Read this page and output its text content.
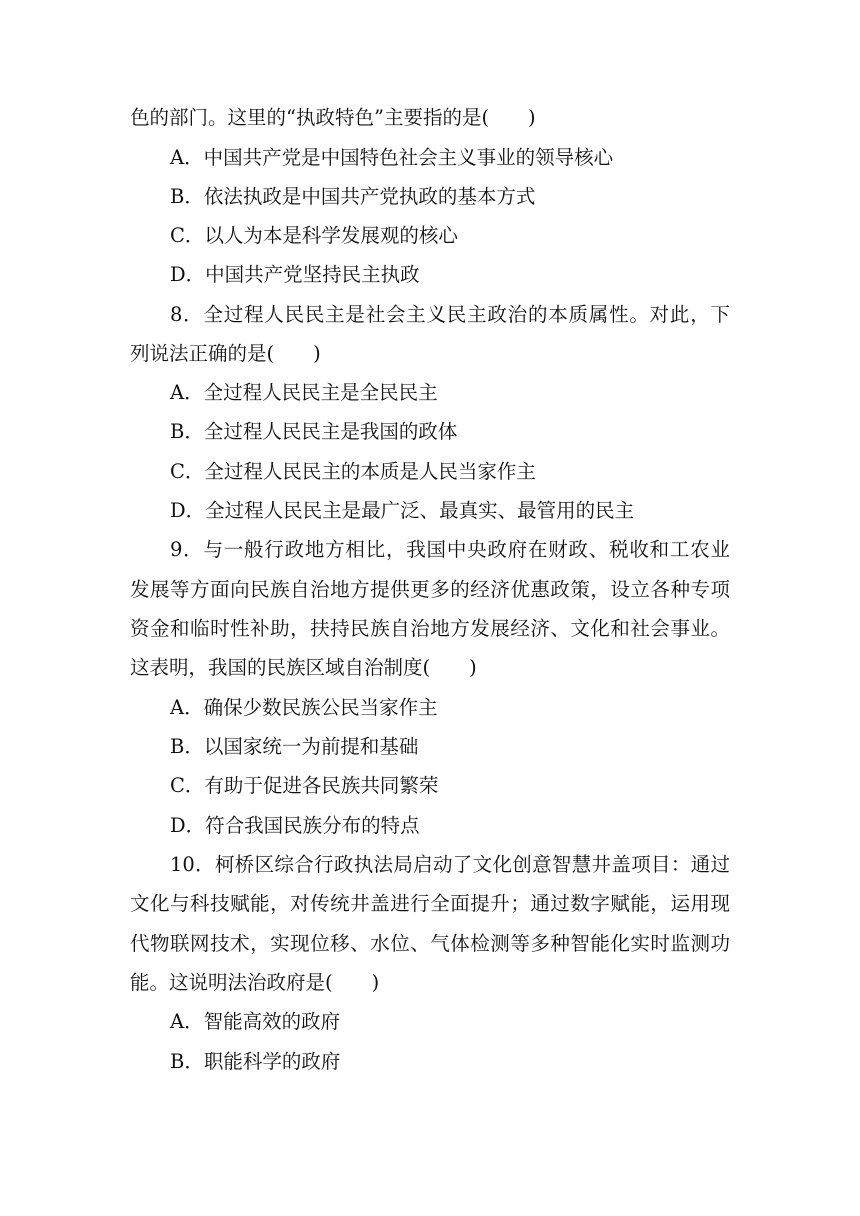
色的部门。这里的“执政特色”主要指的是(　　)
A．中国共产党是中国特色社会主义事业的领导核心
B．依法执政是中国共产党执政的基本方式
C．以人为本是科学发展观的核心
D．中国共产党坚持民主执政
8．全过程人民民主是社会主义民主政治的本质属性。对此，下
列说法正确的是(　　)
A．全过程人民民主是全民民主
B．全过程人民民主是我国的政体
C．全过程人民民主的本质是人民当家作主
D．全过程人民民主是最广泛、最真实、最管用的民主
9．与一般行政地方相比，我国中央政府在财政、税收和工农业
发展等方面向民族自治地方提供更多的经济优惠政策，设立各种专项
资金和临时性补助，扶持民族自治地方发展经济、文化和社会事业。
这表明，我国的民族区域自治制度(　　)
A．确保少数民族公民当家作主
B．以国家统一为前提和基础
C．有助于促进各民族共同繁荣
D．符合我国民族分布的特点
10．柯桥区综合行政执法局启动了文化创意智慧井盖项目：通过
文化与科技赋能，对传统井盖进行全面提升；通过数字赋能，运用现
代物联网技术，实现位移、水位、气体检测等多种智能化实时监测功
能。这说明法治政府是(　　)
A．智能高效的政府
B．职能科学的政府
